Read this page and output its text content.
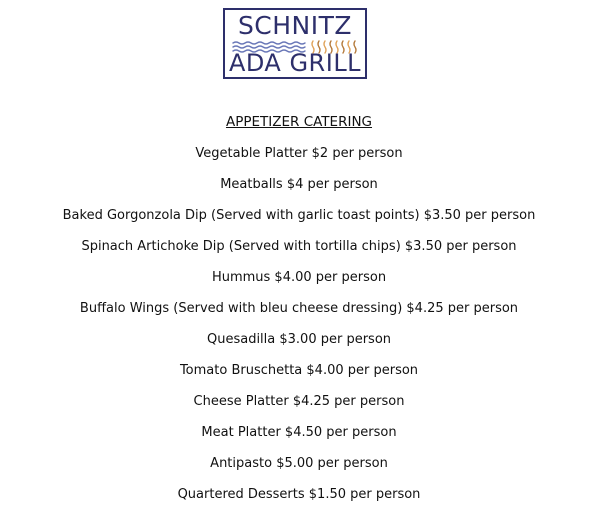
SCHNITZ
ADA GRILL
APPETIZER CATERING
Vegetable Platter $2 per person
Meatballs $4 per person
Baked Gorgonzola Dip (Served with garlic toast points) $3.50 per person
Spinach Artichoke Dip (Served with tortilla chips) $3.50 per person
Hummus $4.00 per person
Buffalo Wings (Served with bleu cheese dressing) $4.25 per person
Quesadilla $3.00 per person
Tomato Bruschetta $4.00 per person
Cheese Platter $4.25 per person
Meat Platter $4.50 per person
Antipasto $5.00 per person
Quartered Desserts $1.50 per person
